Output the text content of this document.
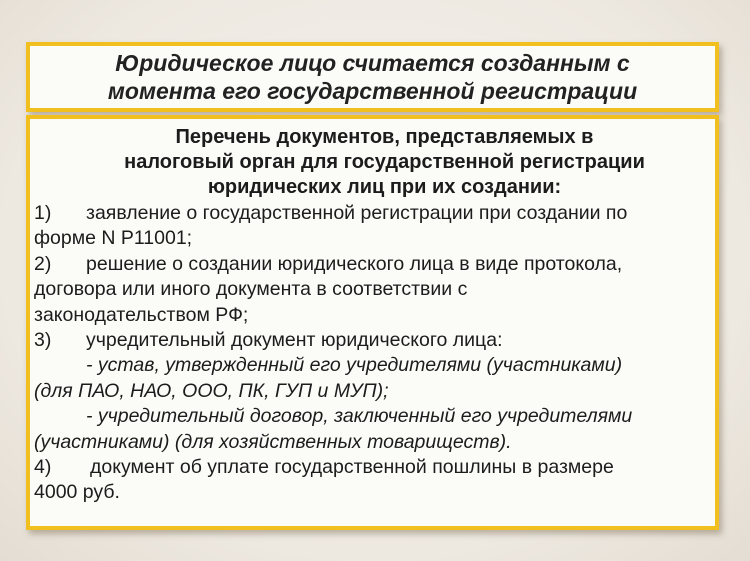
Юридическое лицо считается созданным с
момента его государственной регистрации
Перечень документов, представляемых в
налоговый орган для государственной регистрации
юридических лиц при их создании:

1) заявление о государственной регистрации при создании по
форме N Р11001;

2) решение о создании юридического лица в виде протокола,
договора или иного документа в соответствии с
законодательством РФ;

3) учредительный документ юридического лица:

- устав, утвержденный его учредителями (участниками)
(для ПАО, НАО, ООО, ПК, ГУП и МУП);

- учредительный договор, заключенный его учредителями
(участниками) (для хозяйственных товариществ).

4) документ об уплате государственной пошлины в размере
4000 руб.
